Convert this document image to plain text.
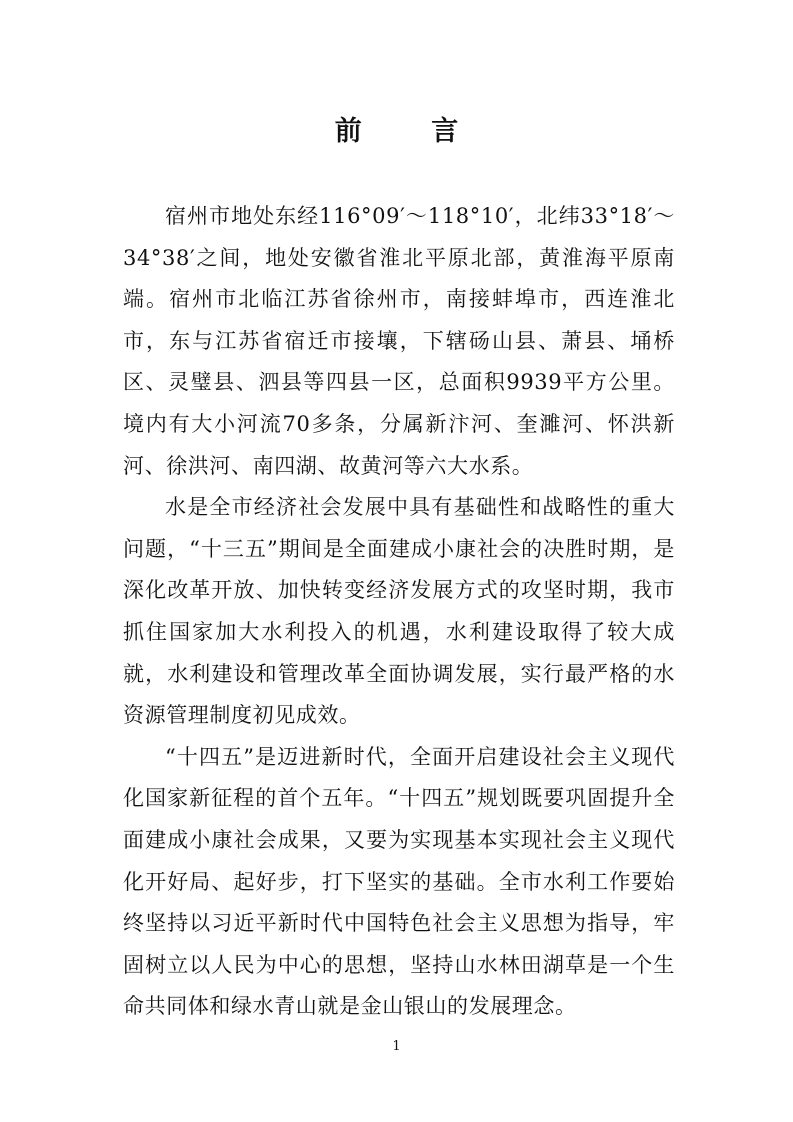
前 言

宿州市地处东经116°09′～118°10′，北纬33°18′～34°38′之间，地处安徽省淮北平原北部，黄淮海平原南端。宿州市北临江苏省徐州市，南接蚌埠市，西连淮北市，东与江苏省宿迁市接壤，下辖砀山县、萧县、埇桥区、灵璧县、泗县等四县一区，总面积9939平方公里。境内有大小河流70多条，分属新汴河、奎濉河、怀洪新河、徐洪河、南四湖、故黄河等六大水系。

水是全市经济社会发展中具有基础性和战略性的重大问题，“十三五”期间是全面建成小康社会的决胜时期，是深化改革开放、加快转变经济发展方式的攻坚时期，我市抓住国家加大水利投入的机遇，水利建设取得了较大成就，水利建设和管理改革全面协调发展，实行最严格的水资源管理制度初见成效。

“十四五”是迈进新时代，全面开启建设社会主义现代化国家新征程的首个五年。“十四五”规划既要巩固提升全面建成小康社会成果，又要为实现基本实现社会主义现代化开好局、起好步，打下坚实的基础。全市水利工作要始终坚持以习近平新时代中国特色社会主义思想为指导，牢固树立以人民为中心的思想，坚持山水林田湖草是一个生命共同体和绿水青山就是金山银山的发展理念。

1
